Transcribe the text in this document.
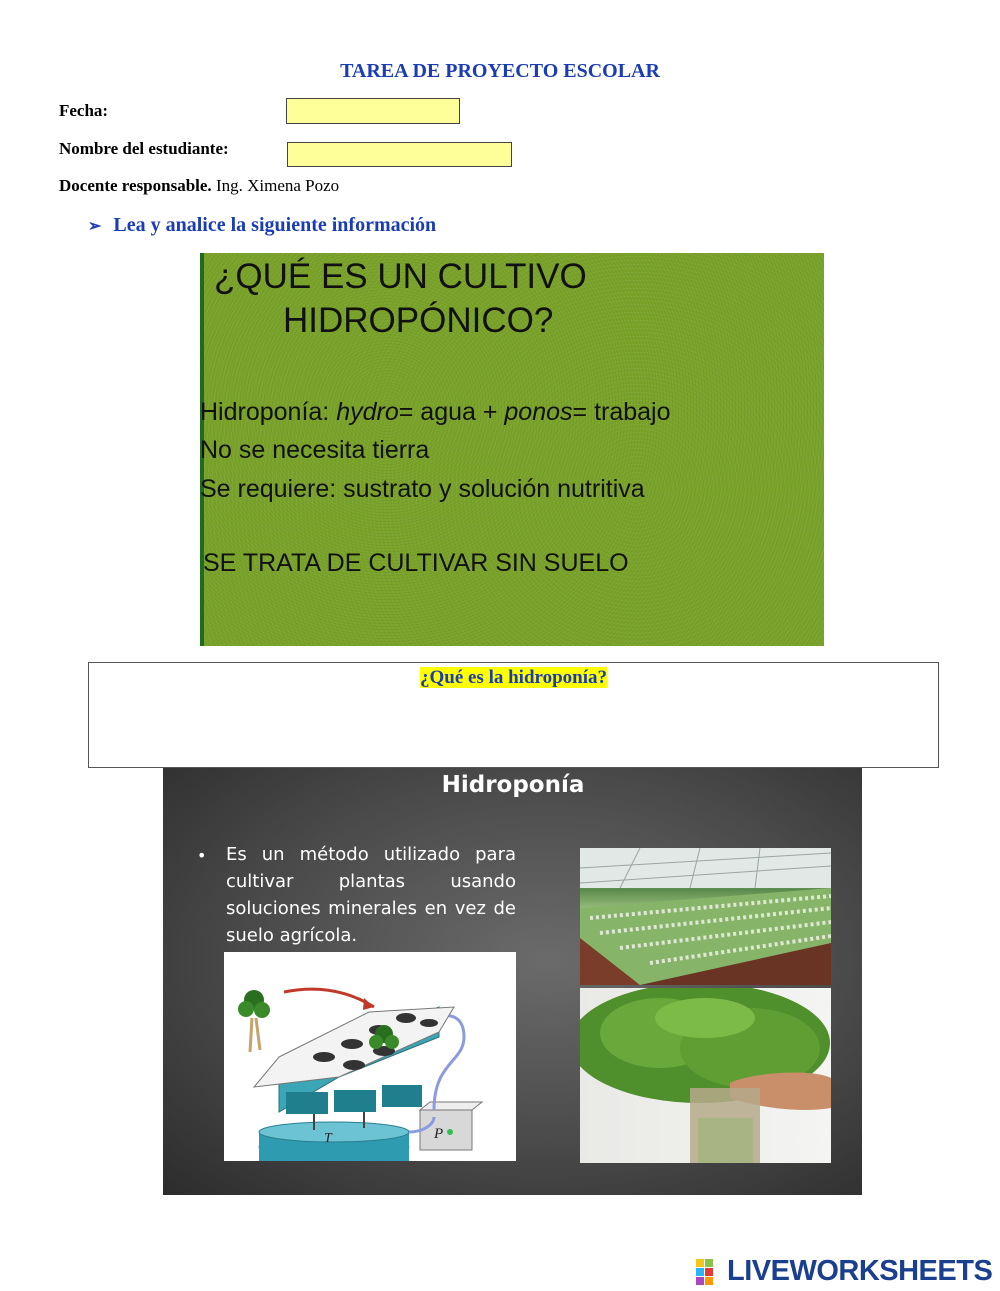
TAREA DE PROYECTO ESCOLAR
Fecha:
Nombre del estudiante:
Docente responsable. Ing. Ximena Pozo
➢ Lea y analice la siguiente información
¿QUÉ ES UN CULTIVO
HIDROPÓNICO?
Hidroponía: hydro= agua + ponos= trabajo
No se necesita tierra
Se requiere: sustrato y solución nutritiva
SE TRATA DE CULTIVAR SIN SUELO
¿Qué es la hidroponía?
Hidroponía
• Es un método utilizado para cultivar plantas usando soluciones minerales en vez de suelo agrícola.
T	P
LIVEWORKSHEETS
